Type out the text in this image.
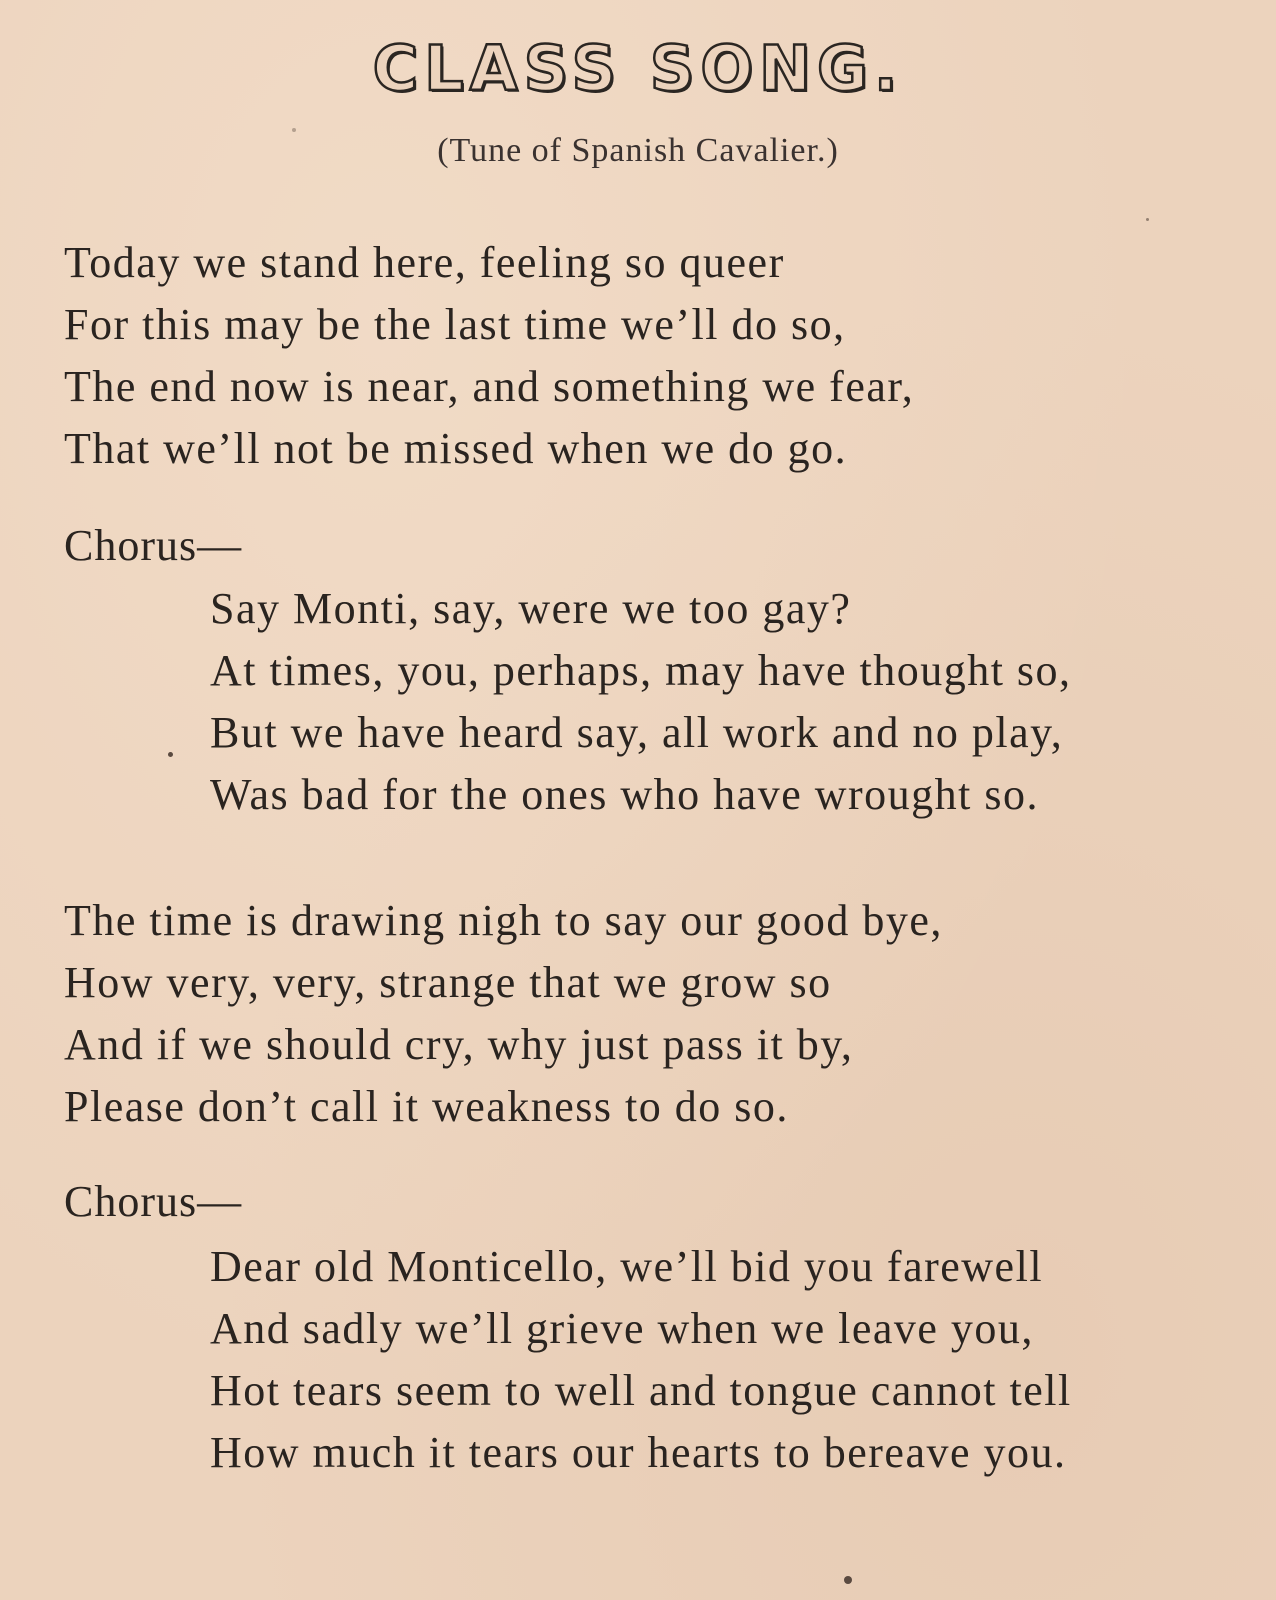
CLASS SONG.
(Tune of Spanish Cavalier.)
Today we stand here, feeling so queer
For this may be the last time we’ll do so,
The end now is near, and something we fear,
That we’ll not be missed when we do go.
Chorus—
Say Monti, say, were we too gay?
At times, you, perhaps, may have thought so,
But we have heard say, all work and no play,
Was bad for the ones who have wrought so.
The time is drawing nigh to say our good bye,
How very, very, strange that we grow so
And if we should cry, why just pass it by,
Please don’t call it weakness to do so.
Chorus—
Dear old Monticello, we’ll bid you farewell
And sadly we’ll grieve when we leave you,
Hot tears seem to well and tongue cannot tell
How much it tears our hearts to bereave you.
